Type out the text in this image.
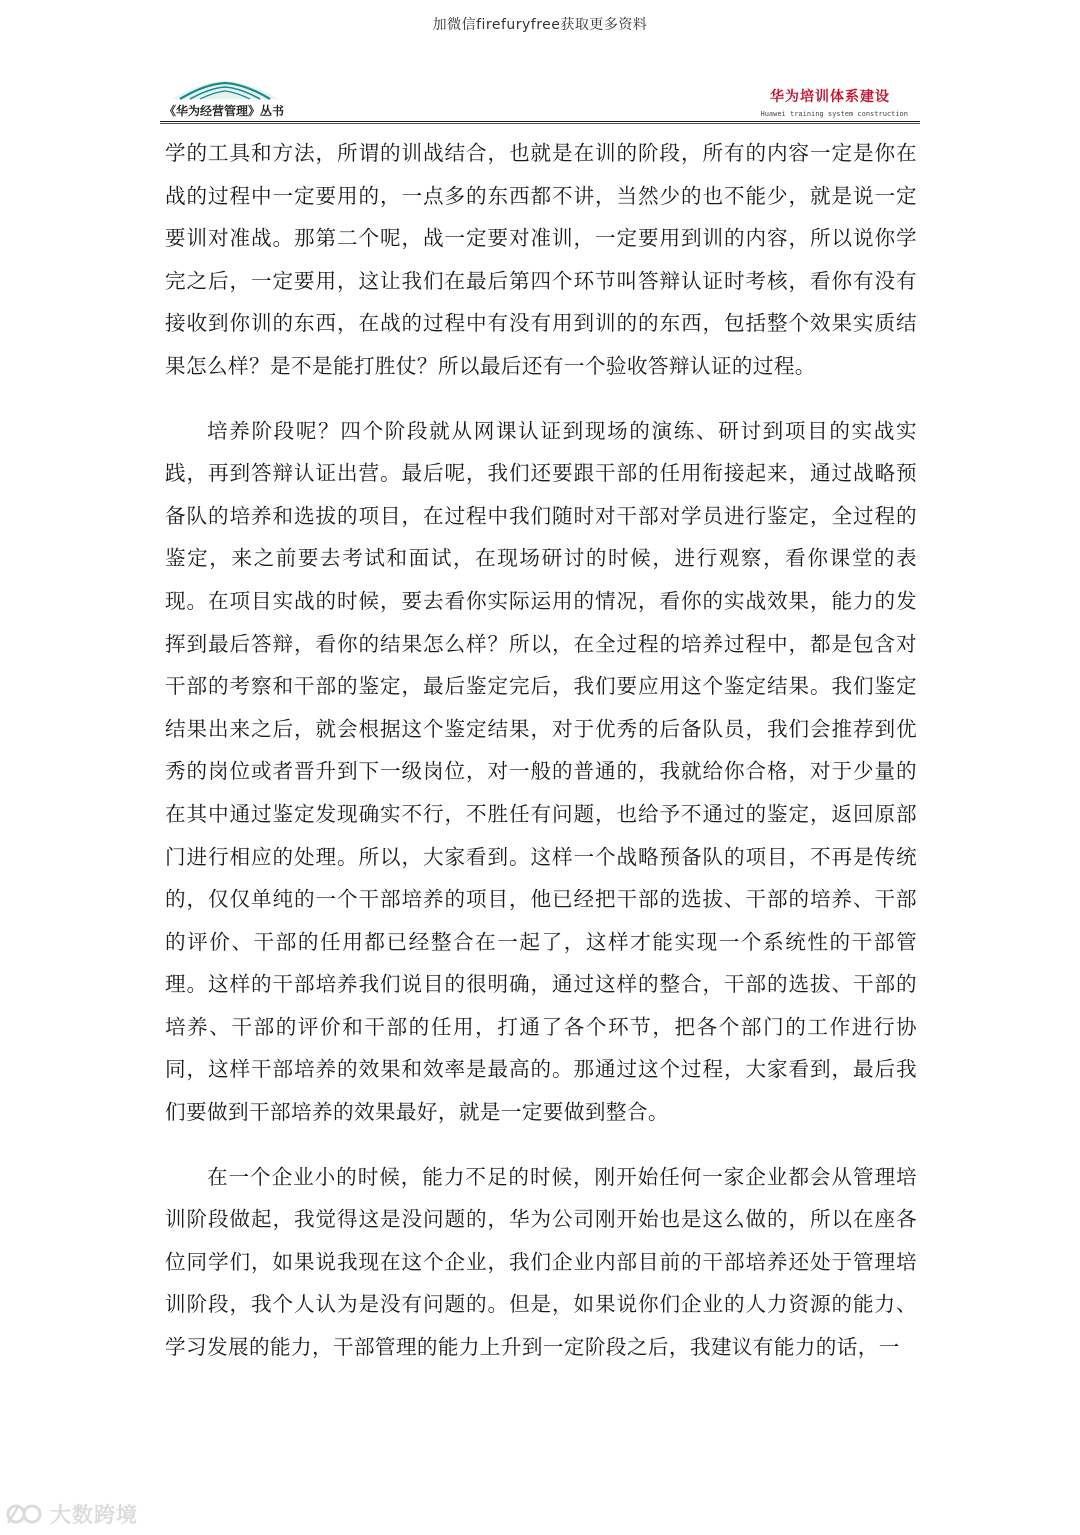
加微信firefuryfree获取更多资料
《华为经营管理》丛书
华为培训体系建设
Huawei training system construction

学的工具和方法，所谓的训战结合，也就是在训的阶段，所有的内容一定是你在战的过程中一定要用的，一点多的东西都不讲，当然少的也不能少，就是说一定要训对准战。那第二个呢，战一定要对准训，一定要用到训的内容，所以说你学完之后，一定要用，这让我们在最后第四个环节叫答辩认证时考核，看你有没有接收到你训的东西，在战的过程中有没有用到训的的东西，包括整个效果实质结果怎么样？是不是能打胜仗？所以最后还有一个验收答辩认证的过程。

培养阶段呢？四个阶段就从网课认证到现场的演练、研讨到项目的实战实践，再到答辩认证出营。最后呢，我们还要跟干部的任用衔接起来，通过战略预备队的培养和选拔的项目，在过程中我们随时对干部对学员进行鉴定，全过程的鉴定，来之前要去考试和面试，在现场研讨的时候，进行观察，看你课堂的表现。在项目实战的时候，要去看你实际运用的情况，看你的实战效果，能力的发挥到最后答辩，看你的结果怎么样？所以，在全过程的培养过程中，都是包含对干部的考察和干部的鉴定，最后鉴定完后，我们要应用这个鉴定结果。我们鉴定结果出来之后，就会根据这个鉴定结果，对于优秀的后备队员，我们会推荐到优秀的岗位或者晋升到下一级岗位，对一般的普通的，我就给你合格，对于少量的在其中通过鉴定发现确实不行，不胜任有问题，也给予不通过的鉴定，返回原部门进行相应的处理。所以，大家看到。这样一个战略预备队的项目，不再是传统的，仅仅单纯的一个干部培养的项目，他已经把干部的选拔、干部的培养、干部的评价、干部的任用都已经整合在一起了，这样才能实现一个系统性的干部管理。这样的干部培养我们说目的很明确，通过这样的整合，干部的选拔、干部的培养、干部的评价和干部的任用，打通了各个环节，把各个部门的工作进行协同，这样干部培养的效果和效率是最高的。那通过这个过程，大家看到，最后我们要做到干部培养的效果最好，就是一定要做到整合。

在一个企业小的时候，能力不足的时候，刚开始任何一家企业都会从管理培训阶段做起，我觉得这是没问题的，华为公司刚开始也是这么做的，所以在座各位同学们，如果说我现在这个企业，我们企业内部目前的干部培养还处于管理培训阶段，我个人认为是没有问题的。但是，如果说你们企业的人力资源的能力、学习发展的能力，干部管理的能力上升到一定阶段之后，我建议有能力的话，一

大数跨境
